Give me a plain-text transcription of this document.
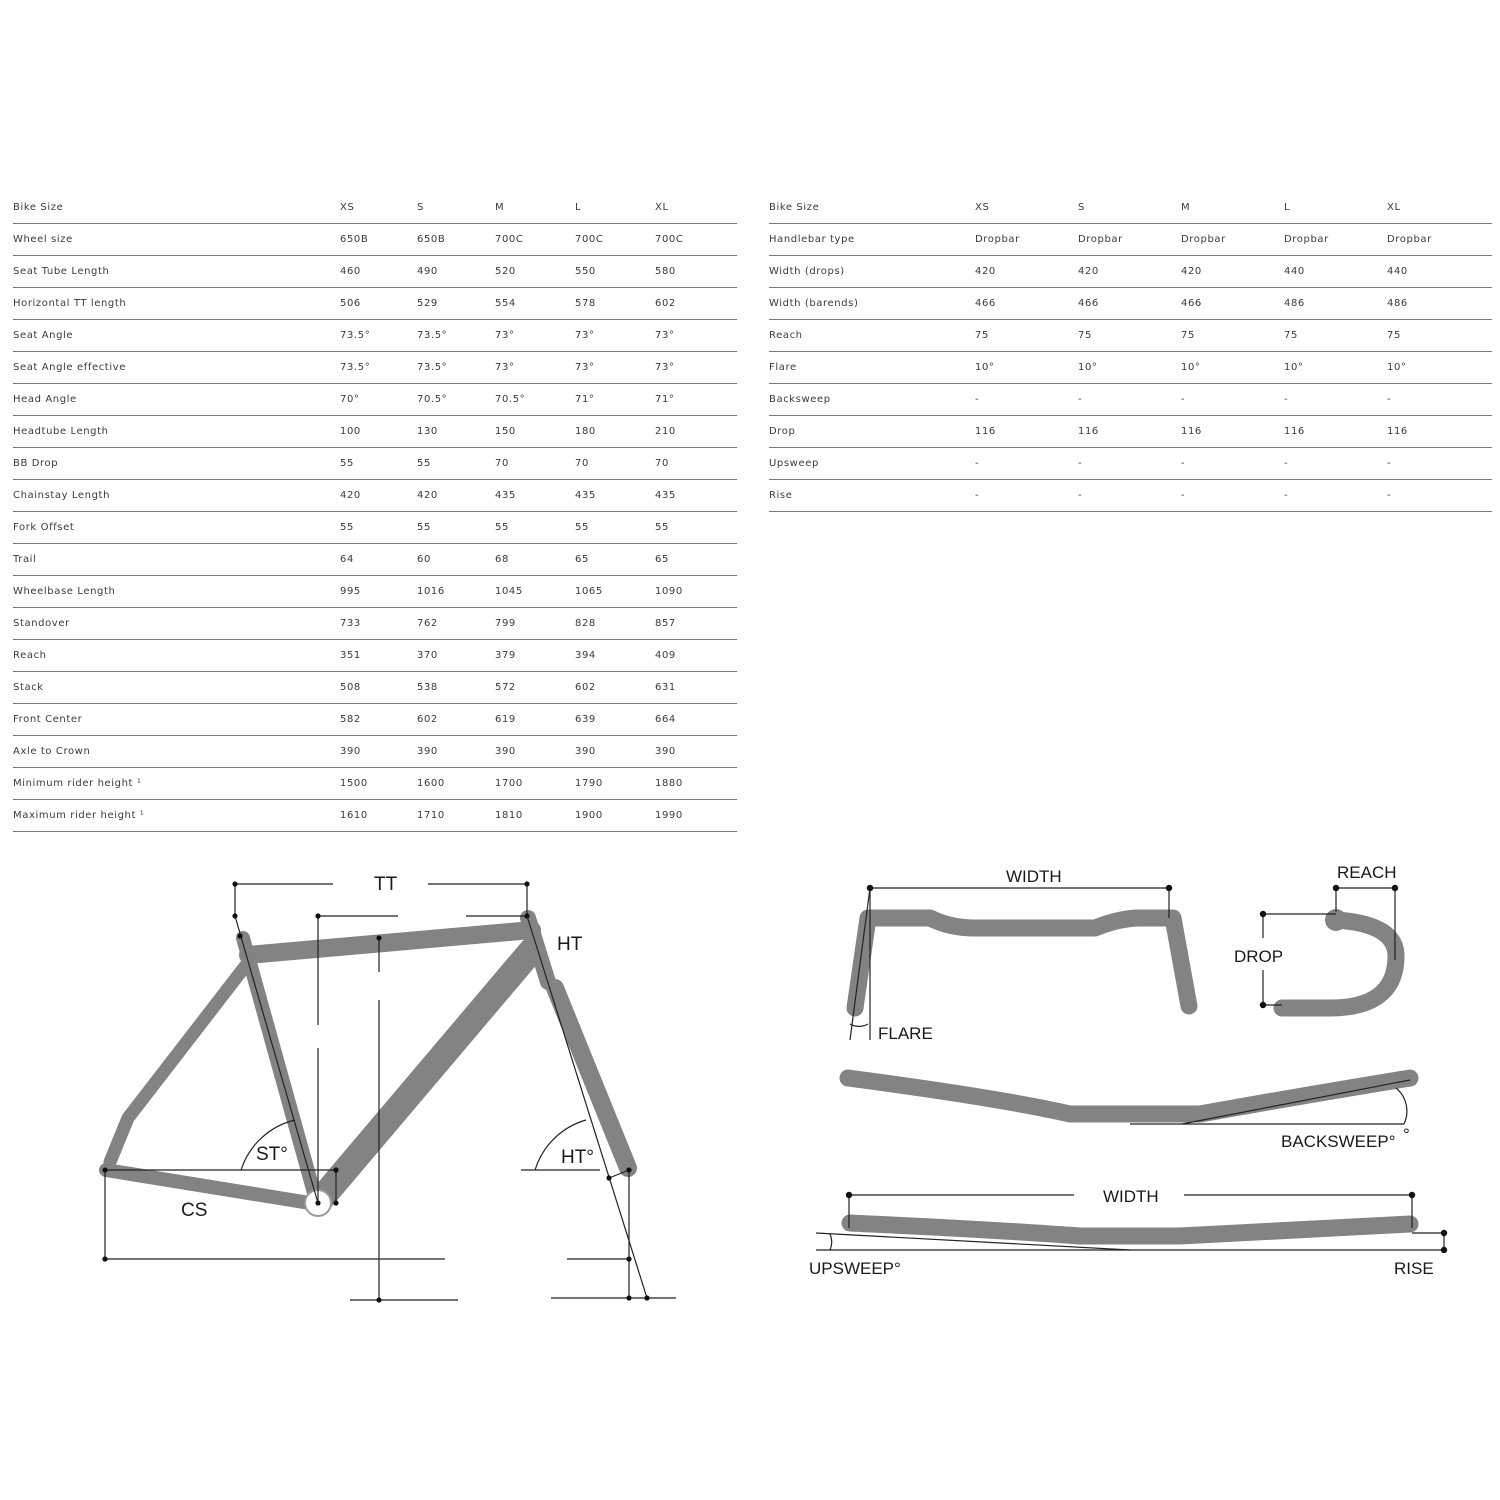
Bike Size	XS	S	M	L	XL
Wheel size	650B	650B	700C	700C	700C
Seat Tube Length	460	490	520	550	580
Horizontal TT length	506	529	554	578	602
Seat Angle	73.5°	73.5°	73°	73°	73°
Seat Angle effective	73.5°	73.5°	73°	73°	73°
Head Angle	70°	70.5°	70.5°	71°	71°
Headtube Length	100	130	150	180	210
BB Drop	55	55	70	70	70
Chainstay Length	420	420	435	435	435
Fork Offset	55	55	55	55	55
Trail	64	60	68	65	65
Wheelbase Length	995	1016	1045	1065	1090
Standover	733	762	799	828	857
Reach	351	370	379	394	409
Stack	508	538	572	602	631
Front Center	582	602	619	639	664
Axle to Crown	390	390	390	390	390
Minimum rider height ¹	1500	1600	1700	1790	1880
Maximum rider height ¹	1610	1710	1810	1900	1990
Bike Size	XS	S	M	L	XL
Handlebar type	Dropbar	Dropbar	Dropbar	Dropbar	Dropbar
Width (drops)	420	420	420	440	440
Width (barends)	466	466	466	486	486
Reach	75	75	75	75	75
Flare	10°	10°	10°	10°	10°
Backsweep	-	-	-	-	-
Drop	116	116	116	116	116
Upsweep	-	-	-	-	-
Rise	-	-	-	-	-
TT
HT
ST°	HT°
CS
WIDTH	REACH
DROP
FLARE
BACKSWEEP° °
WIDTH
UPSWEEP°	RISE
